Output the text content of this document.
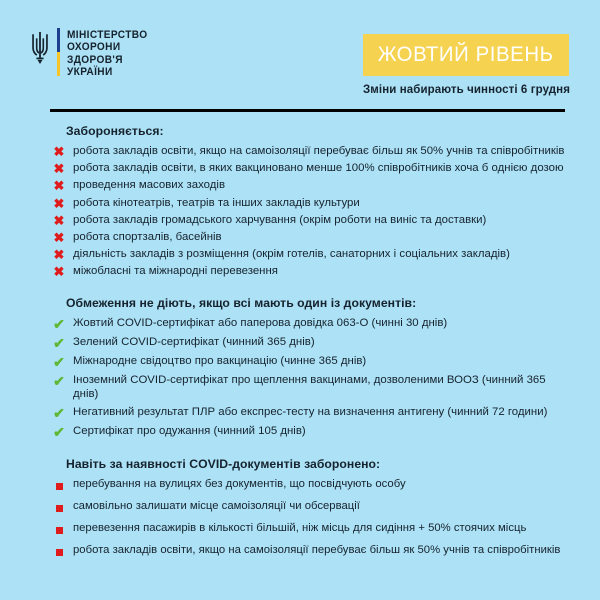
МІНІСТЕРСТВО
ОХОРОНИ
ЗДОРОВ'Я
УКРАЇНИ
ЖОВТИЙ РІВЕНЬ
Зміни набирають чинності 6 грудня
Забороняється:
✖ робота закладів освіти, якщо на самоізоляції перебуває більш як 50% учнів та співробітників
✖ робота закладів освіти, в яких вакциновано менше 100% співробітників хоча б однією дозою
✖ проведення масових заходів
✖ робота кінотеатрів, театрів та інших закладів культури
✖ робота закладів громадського харчування (окрім роботи на виніс та доставки)
✖ робота спортзалів, басейнів
✖ діяльність закладів з розміщення (окрім готелів, санаторних і соціальних закладів)
✖ міжобласні та міжнародні перевезення
Обмеження не діють, якщо всі мають один із документів:
✔ Жовтий COVID-сертифікат або паперова довідка 063-О (чинні 30 днів)
✔ Зелений COVID-сертифікат (чинний 365 днів)
✔ Міжнародне свідоцтво про вакцинацію (чинне 365 днів)
✔ Іноземний COVID-сертифікат про щеплення вакцинами, дозволеними ВООЗ (чинний 365 днів)
✔ Негативний результат ПЛР або експрес-тесту на визначення антигену (чинний 72 години)
✔ Сертифікат про одужання (чинний 105 днів)
Навіть за наявності COVID-документів заборонено:
перебування на вулицях без документів, що посвідчують особу
самовільно залишати місце самоізоляції чи обсервації
перевезення пасажирів в кількості більшій, ніж місць для сидіння + 50% стоячих місць
робота закладів освіти, якщо на самоізоляції перебуває більш як 50% учнів та співробітників
